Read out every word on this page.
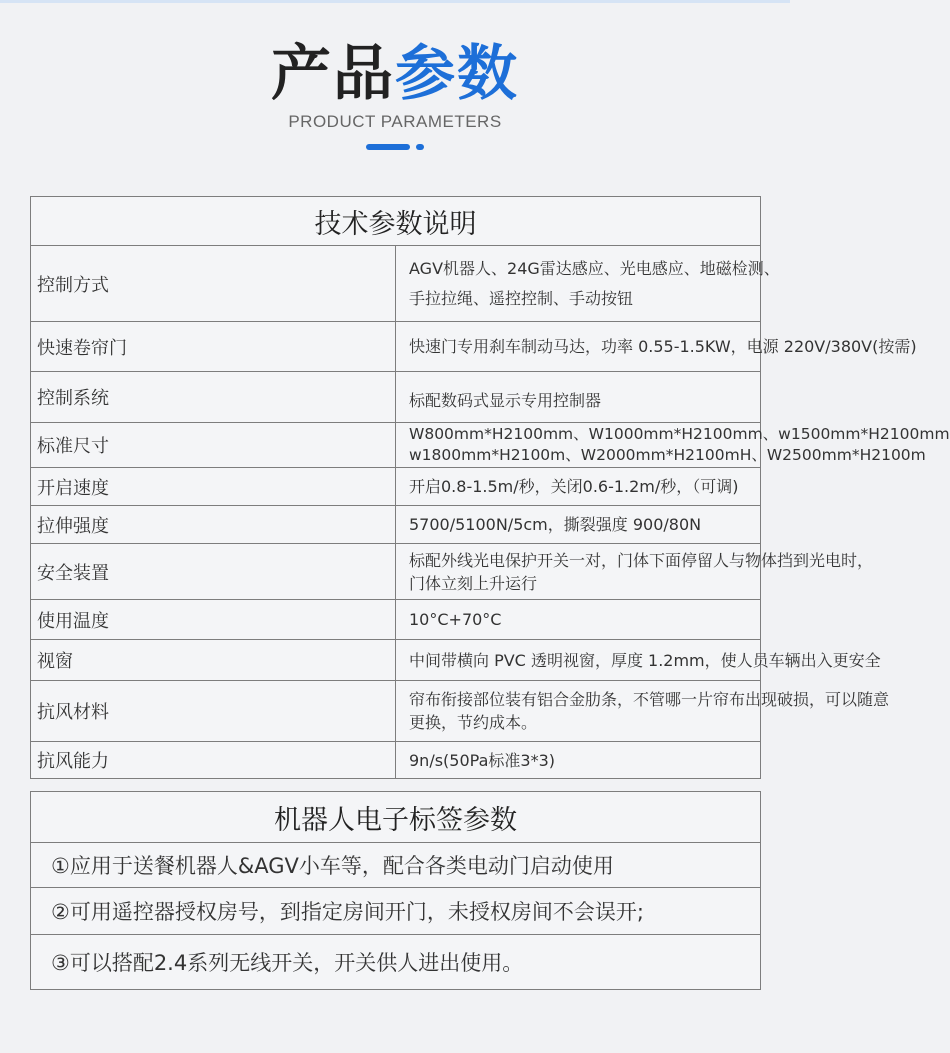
产品参数
PRODUCT PARAMETERS
技术参数说明	
控制方式	AGV机器人、24G雷达感应、光电感应、地磁检测、
手拉拉绳、遥控控制、手动按钮

快速卷帘门	快速门专用刹车制动马达，功率 0.55-1.5KW，电源 220V/380V(按需)

控制系统	标配数码式显示专用控制器

标准尺寸	W800mm*H2100mm、W1000mm*H2100mm、w1500mm*H2100mm
w1800mm*H2100m、W2000mm*H2100mH、W2500mm*H2100m

开启速度	开启0.8-1.5m/秒，关闭0.6-1.2m/秒，（可调)

拉伸强度	5700/5100N/5cm，撕裂强度 900/80N

安全装置	标配外线光电保护开关一对，门体下面停留人与物体挡到光电时，
门体立刻上升运行

使用温度	10°C+70°C

视窗	中间带横向 PVC 透明视窗，厚度 1.2mm，使人员车辆出入更安全

抗风材料	帘布衔接部位装有铝合金肋条，不管哪一片帘布出现破损，可以随意
更换，节约成本。

抗风能力	9n/s(50Pa标准3*3)
机器人电子标签参数
①应用于送餐机器人&AGV小车等，配合各类电动门启动使用
②可用遥控器授权房号，到指定房间开门，未授权房间不会误开;
③可以搭配2.4系列无线开关，开关供人进出使用。
